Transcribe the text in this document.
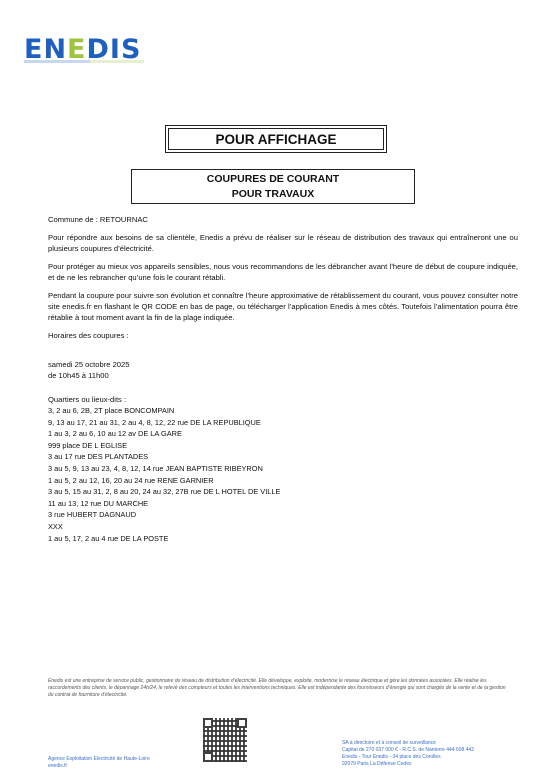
ENEDIS
POUR AFFICHAGE
COUPURES DE COURANT
POUR TRAVAUX

Commune de : RETOURNAC

Pour répondre aux besoins de sa clientèle, Enedis a prévu de réaliser sur le réseau de distribution des travaux qui entraîneront une ou plusieurs coupures d’électricité.

Pour protéger au mieux vos appareils sensibles, nous vous recommandons de les débrancher avant l’heure de début de coupure indiquée, et de ne les rebrancher qu’une fois le courant rétabli.

Pendant la coupure pour suivre son évolution et connaître l’heure approximative de rétablissement du courant, vous pouvez consulter notre site enedis.fr en flashant le QR CODE en bas de page, ou télécharger l’application Enedis à mes côtés. Toutefois l’alimentation pourra être rétablie à tout moment avant la fin de la plage indiquée.

Horaires des coupures :

samedi 25 octobre 2025

de 10h45 à 11h00

Quartiers ou lieux-dits :

3, 2 au 6, 2B, 2T place BONCOMPAIN
9, 13 au 17, 21 au 31, 2 au 4, 8, 12, 22 rue DE LA REPUBLIQUE
1 au 3, 2 au 6, 10 au 12 av DE LA GARE
999 place DE L EGLISE
3 au 17 rue DES PLANTADES
3 au 5, 9, 13 au 23, 4, 8, 12, 14 rue JEAN BAPTISTE RIBEYRON
1 au 5, 2 au 12, 16, 20 au 24 rue RENE GARNIER
3 au 5, 15 au 31, 2, 8 au 20, 24 au 32, 27B rue DE L HOTEL DE VILLE
11 au 13, 12 rue DU MARCHE
3 rue HUBERT DAGNAUD
XXX
1 au 5, 17, 2 au 4 rue DE LA POSTE
Enedis est une entreprise de service public, gestionnaire du réseau de distribution d’électricité. Elle développe, exploite, modernise le réseau électrique et gère les données associées. Elle réalise les raccordements des clients, le dépannage 24h/24, le relevé des compteurs et toutes les interventions techniques. Elle est indépendante des fournisseurs d’énergie qui sont chargés de la vente et de la gestion du contrat de fourniture d’électricité.
Agence Exploitation Electricité de Haute-Loire
enedis.fr
SA à directoire et à conseil de surveillance
Capital de 270 037 000 € - R.C.S. de Nanterre 444 608 442
Enedis - Tour Enedis - 34 place des Corolles
92079 Paris La Défense Cedex
